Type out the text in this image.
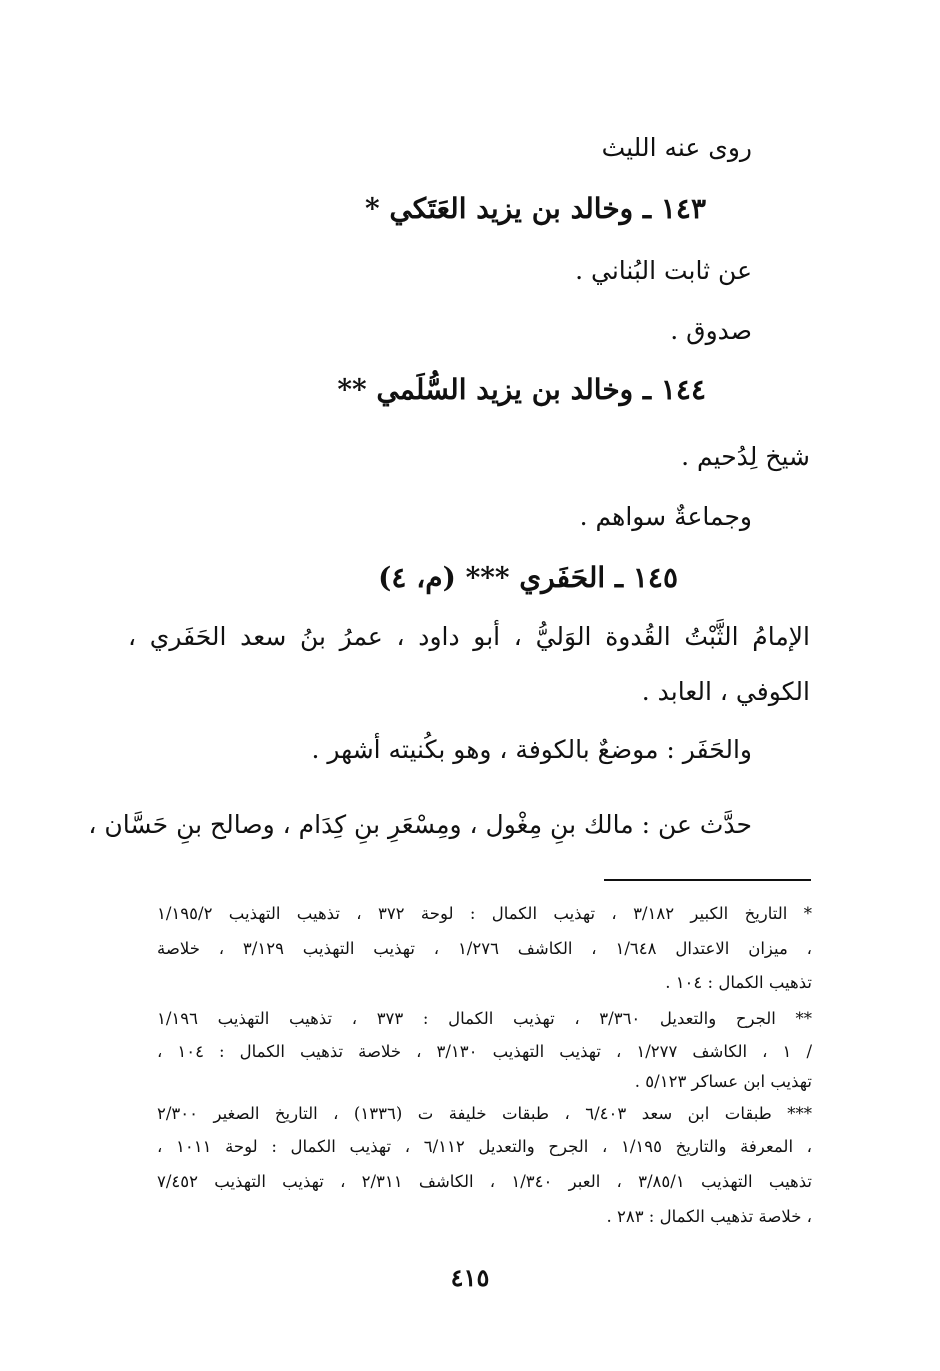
روى عنه الليث
١٤٣ ـ وخالد بن يزيد العَتَكي *
عن ثابت البُناني .
صدوق .
١٤٤ ـ وخالد بن يزيد السُّلَمي **
شيخ لِدُحيم .
وجماعةٌ سواهم .
١٤٥ ـ الحَفَري *** (م، ٤)
الإمامُ الثَّبْتُ القُدوة الوَليُّ ، أبو داود ، عمرُ بنُ سعد الحَفَري ،
الكوفي ، العابد .
والحَفَر : موضعٌ بالكوفة ، وهو بكُنيته أشهر .
حدَّث عن : مالك بنِ مِغْول ، ومِسْعَرِ بنِ كِدَام ، وصالح بنِ حَسَّان ،
* التاريخ الكبير ٣/١٨٢ ، تهذيب الكمال : لوحة ٣٧٢ ، تذهيب التهذيب ١/١٩٥/٢
، ميزان الاعتدال ١/٦٤٨ ، الكاشف ١/٢٧٦ ، تهذيب التهذيب ٣/١٢٩ ، خلاصة
تذهيب الكمال : ١٠٤ .
** الجرح والتعديل ٣/٣٦٠ ، تهذيب الكمال : ٣٧٣ ، تذهيب التهذيب ١/١٩٦
/ ١ ، الكاشف ١/٢٧٧ ، تهذيب التهذيب ٣/١٣٠ ، خلاصة تذهيب الكمال : ١٠٤ ،
تهذيب ابن عساكر ٥/١٢٣ .
*** طبقات ابن سعد ٦/٤٠٣ ، طبقات خليفة ت (١٣٣٦) ، التاريخ الصغير ٢/٣٠٠
، المعرفة والتاريخ ١/١٩٥ ، الجرح والتعديل ٦/١١٢ ، تهذيب الكمال : لوحة ١٠١١ ،
تذهيب التهذيب ٣/٨٥/١ ، العبر ١/٣٤٠ ، الكاشف ٢/٣١١ ، تهذيب التهذيب ٧/٤٥٢
، خلاصة تذهيب الكمال : ٢٨٣ .
٤١٥
